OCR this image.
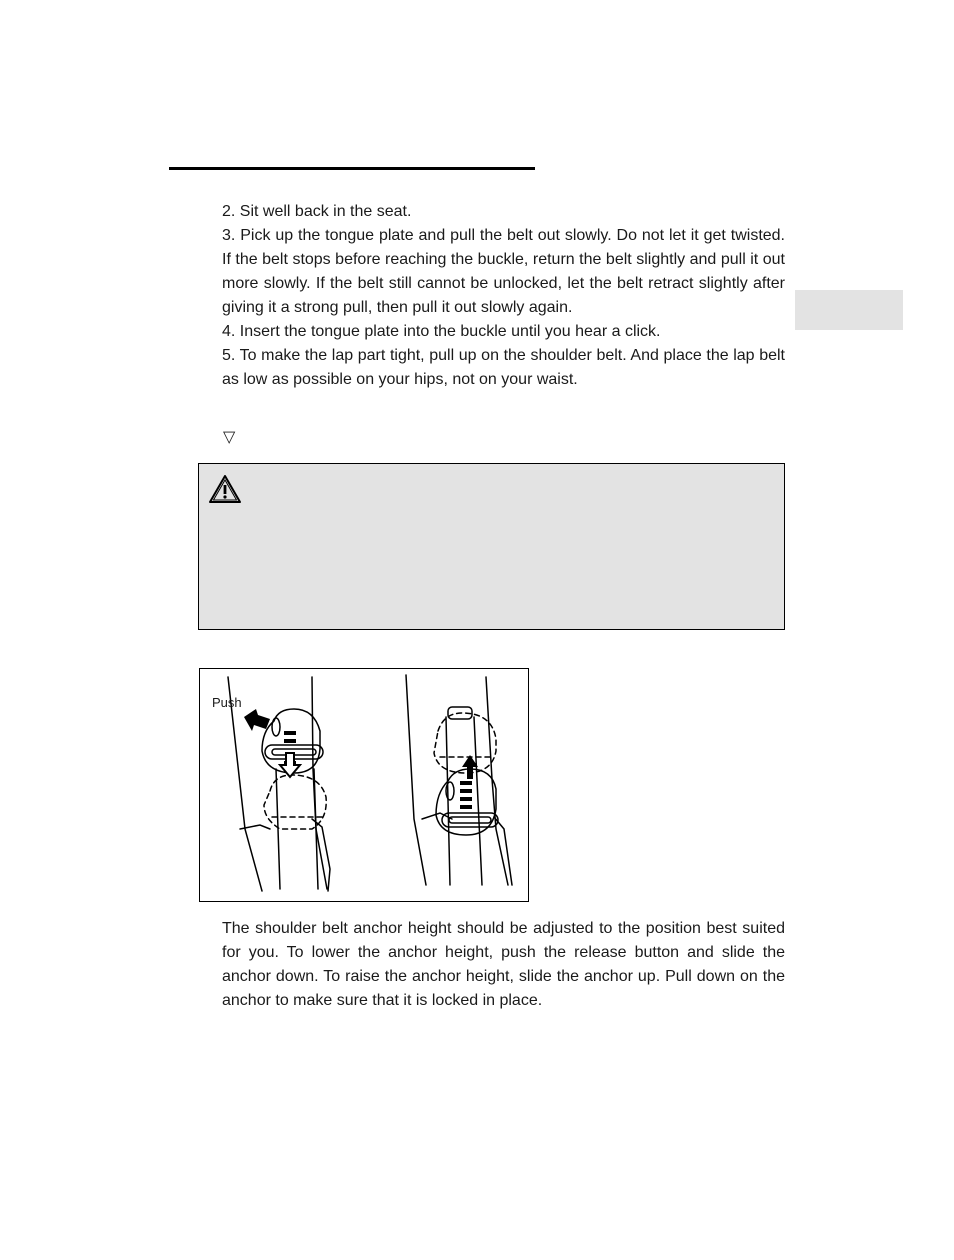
2. Sit well back in the seat.

3. Pick up the tongue plate and pull the belt out slowly. Do not let it get twisted. If the belt stops before reaching the buckle, return the belt slightly and pull it out more slowly. If the belt still cannot be unlocked, let the belt retract slightly after giving it a strong pull, then pull it out slowly again.

4. Insert the tongue plate into the buckle until you hear a click.

5. To make the lap part tight, pull up on the shoulder belt. And place the lap belt as low as possible on your hips, not on your waist.

▽
Push

The shoulder belt anchor height should be adjusted to the position best suited for you. To lower the anchor height, push the release button and slide the anchor down. To raise the anchor height, slide the anchor up. Pull down on the anchor to make sure that it is locked in place.
